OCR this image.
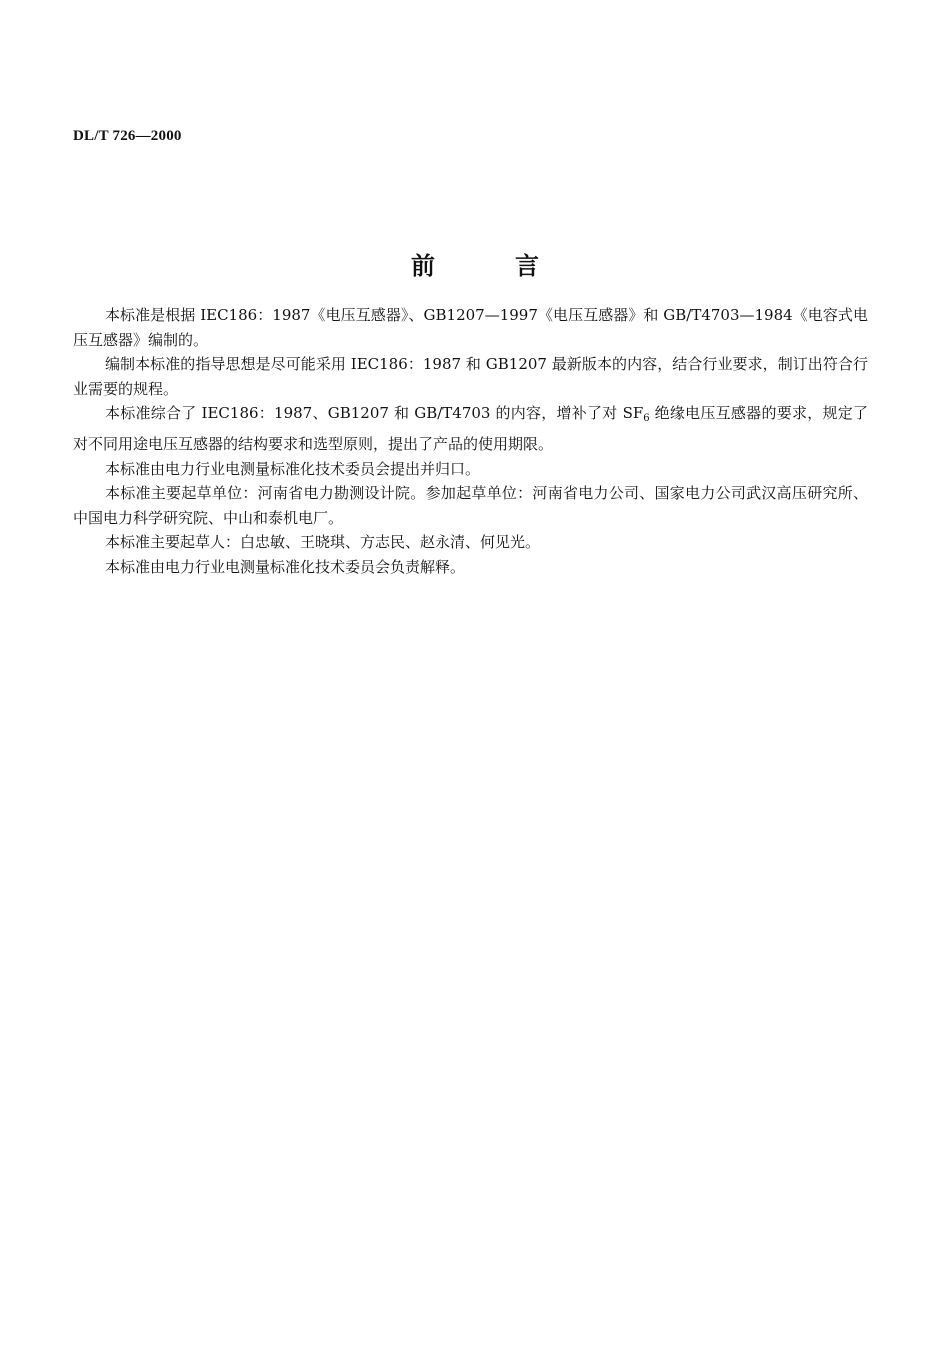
DL/T 726—2000
前言

本标准是根据 IEC186：1987《电压互感器》、GB1207—1997《电压互感器》和 GB/T4703—1984《电容式电压互感器》编制的。

编制本标准的指导思想是尽可能采用 IEC186：1987 和 GB1207 最新版本的内容，结合行业要求，制订出符合行业需要的规程。

本标准综合了 IEC186：1987、GB1207 和 GB/T4703 的内容，增补了对 $SF_6$ 绝缘电压互感器的要求，规定了对不同用途电压互感器的结构要求和选型原则，提出了产品的使用期限。

本标准由电力行业电测量标准化技术委员会提出并归口。

本标准主要起草单位：河南省电力勘测设计院。参加起草单位：河南省电力公司、国家电力公司武汉高压研究所、中国电力科学研究院、中山和泰机电厂。

本标准主要起草人：白忠敏、王晓琪、方志民、赵永清、何见光。

本标准由电力行业电测量标准化技术委员会负责解释。
